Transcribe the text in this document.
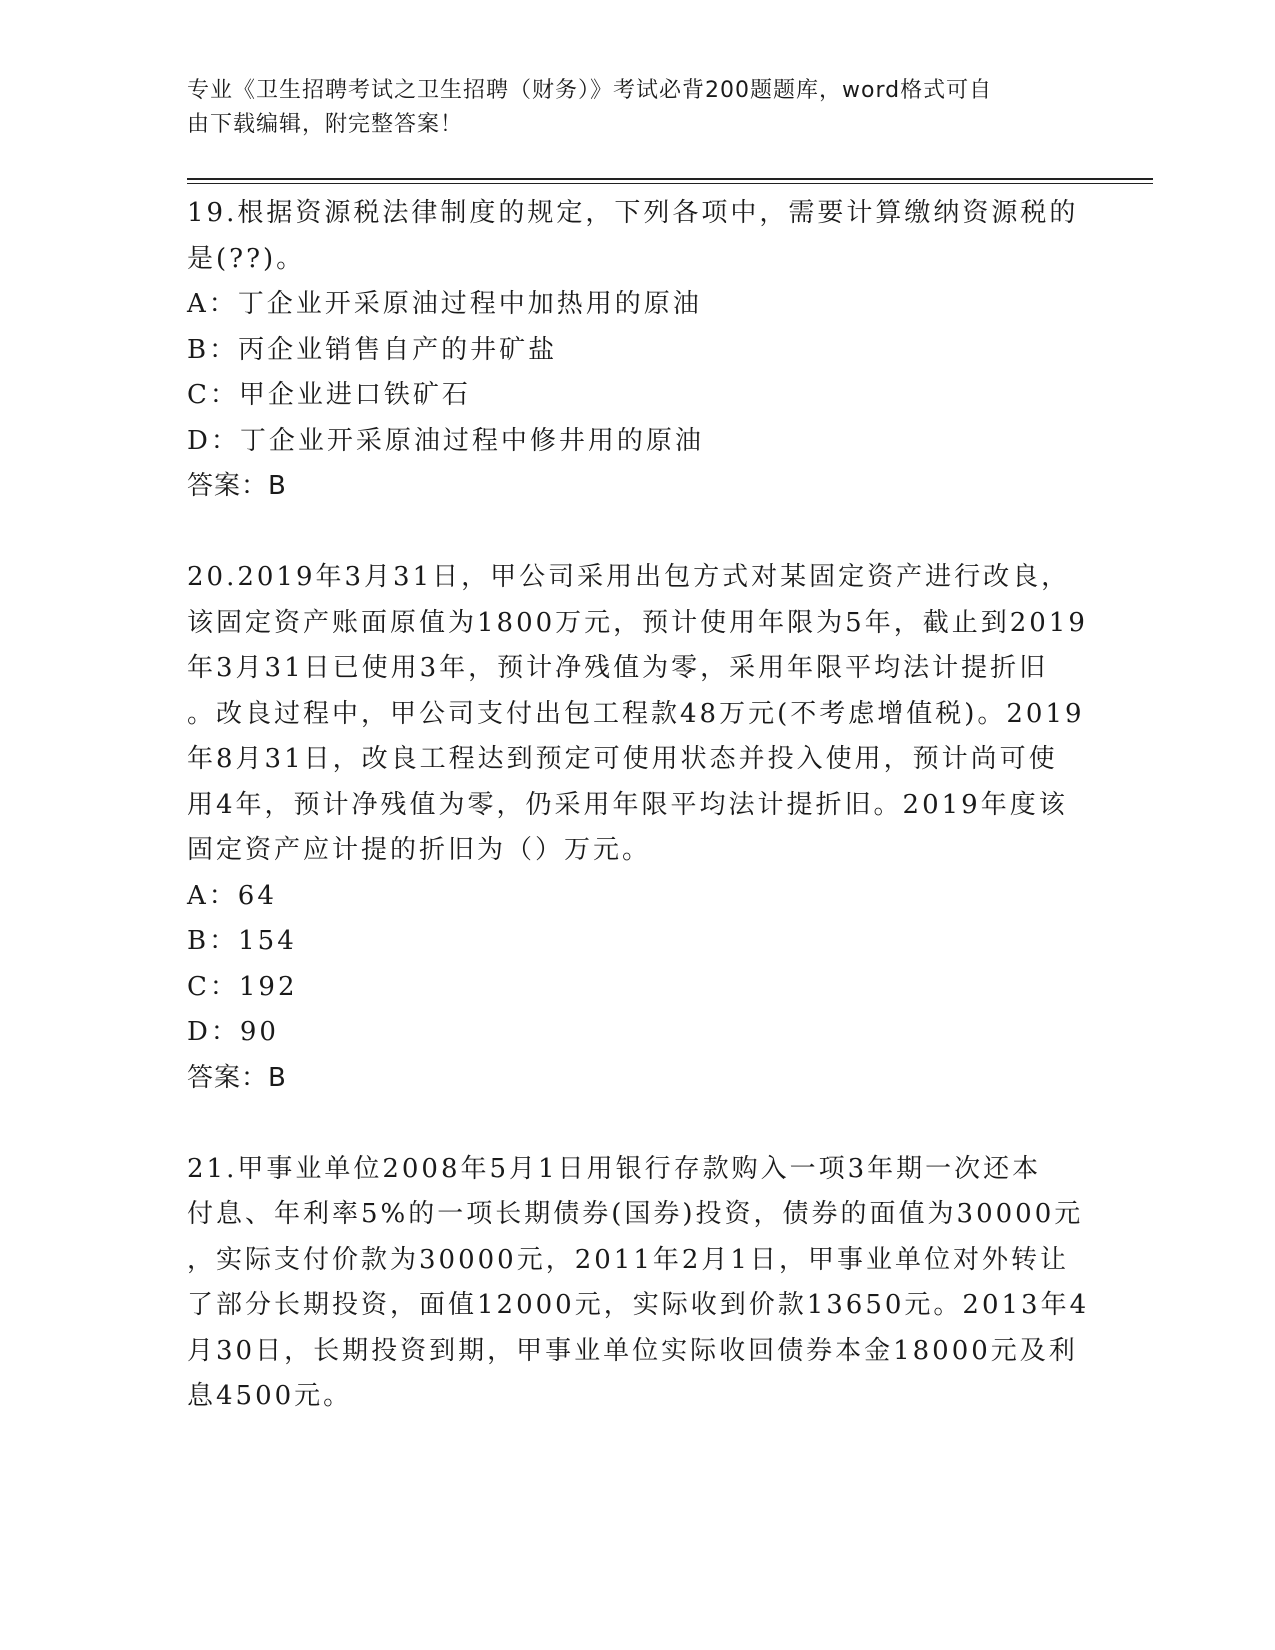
专业《卫生招聘考试之卫生招聘（财务）》考试必背200题题库，word格式可自
由下载编辑，附完整答案！
19.根据资源税法律制度的规定，下列各项中，需要计算缴纳资源税的
是(??)。
A：丁企业开采原油过程中加热用的原油
B：丙企业销售自产的井矿盐
C：甲企业进口铁矿石
D：丁企业开采原油过程中修井用的原油
答案：B
20.2019年3月31日，甲公司采用出包方式对某固定资产进行改良，
该固定资产账面原值为1800万元，预计使用年限为5年，截止到2019
年3月31日已使用3年，预计净残值为零，采用年限平均法计提折旧
。改良过程中，甲公司支付出包工程款48万元(不考虑增值税)。2019
年8月31日，改良工程达到预定可使用状态并投入使用，预计尚可使
用4年，预计净残值为零，仍采用年限平均法计提折旧。2019年度该
固定资产应计提的折旧为（）万元。
A：64
B：154
C：192
D：90
答案：B
21.甲事业单位2008年5月1日用银行存款购入一项3年期一次还本
付息、年利率5%的一项长期债券(国券)投资，债券的面值为30000元
，实际支付价款为30000元，2011年2月1日，甲事业单位对外转让
了部分长期投资，面值12000元，实际收到价款13650元。2013年4
月30日，长期投资到期，甲事业单位实际收回债券本金18000元及利
息4500元。
